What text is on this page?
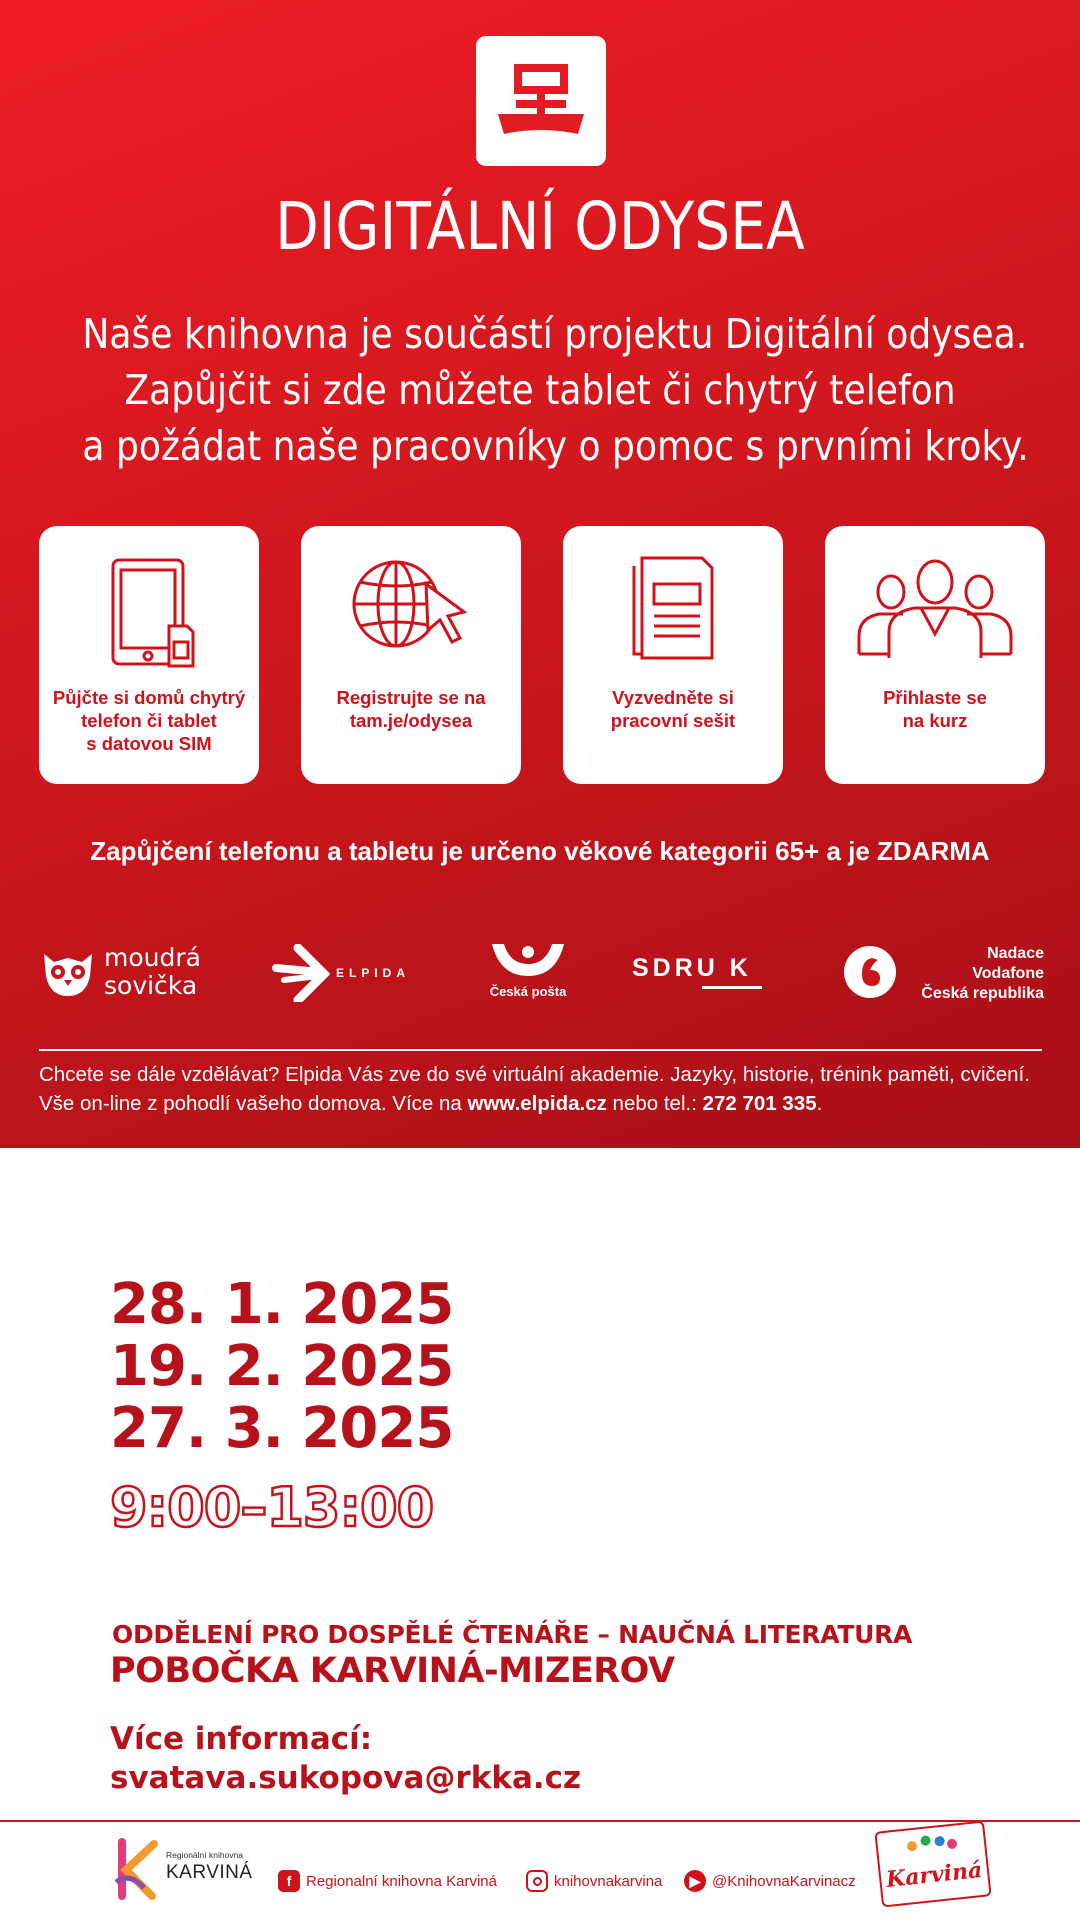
DIGITÁLNÍ ODYSEA
Naše knihovna je součástí projektu Digitální odysea.
Zapůjčit si zde můžete tablet či chytrý telefon
a požádat naše pracovníky o pomoc s prvními kroky.
Půjčte si domů chytrý
telefon či tablet
s datovou SIM
Registrujte se na
tam.je/odysea
Vyzvedněte si
pracovní sešit
Přihlaste se
na kurz
Zapůjčení telefonu a tabletu je určeno věkové kategorii 65+ a je ZDARMA
moudrá
sovička	ELPIDA
Česká pošta
SDRU K
Nadace
Vodafone
Česká republika
Chcete se dále vzdělávat? Elpida Vás zve do své virtuální akademie. Jazyky, historie, trénink paměti, cvičení.
Vše on-line z pohodlí vašeho domova. Více na www.elpida.cz nebo tel.: 272 701 335.
28. 1. 2025
19. 2. 2025
27. 3. 2025
9:00–13:00
ODDĚLENÍ PRO DOSPĚLÉ ČTENÁŘE – NAUČNÁ LITERATURA
POBOČKA KARVINÁ-MIZEROV
Více informací:
svatava.sukopova@rkka.cz
Regionální knihovna
KARVINÁ	f Regionalní knihovna Karviná	knihovnakarvina	▶ @KnihovnaKarvinacz Karviná
